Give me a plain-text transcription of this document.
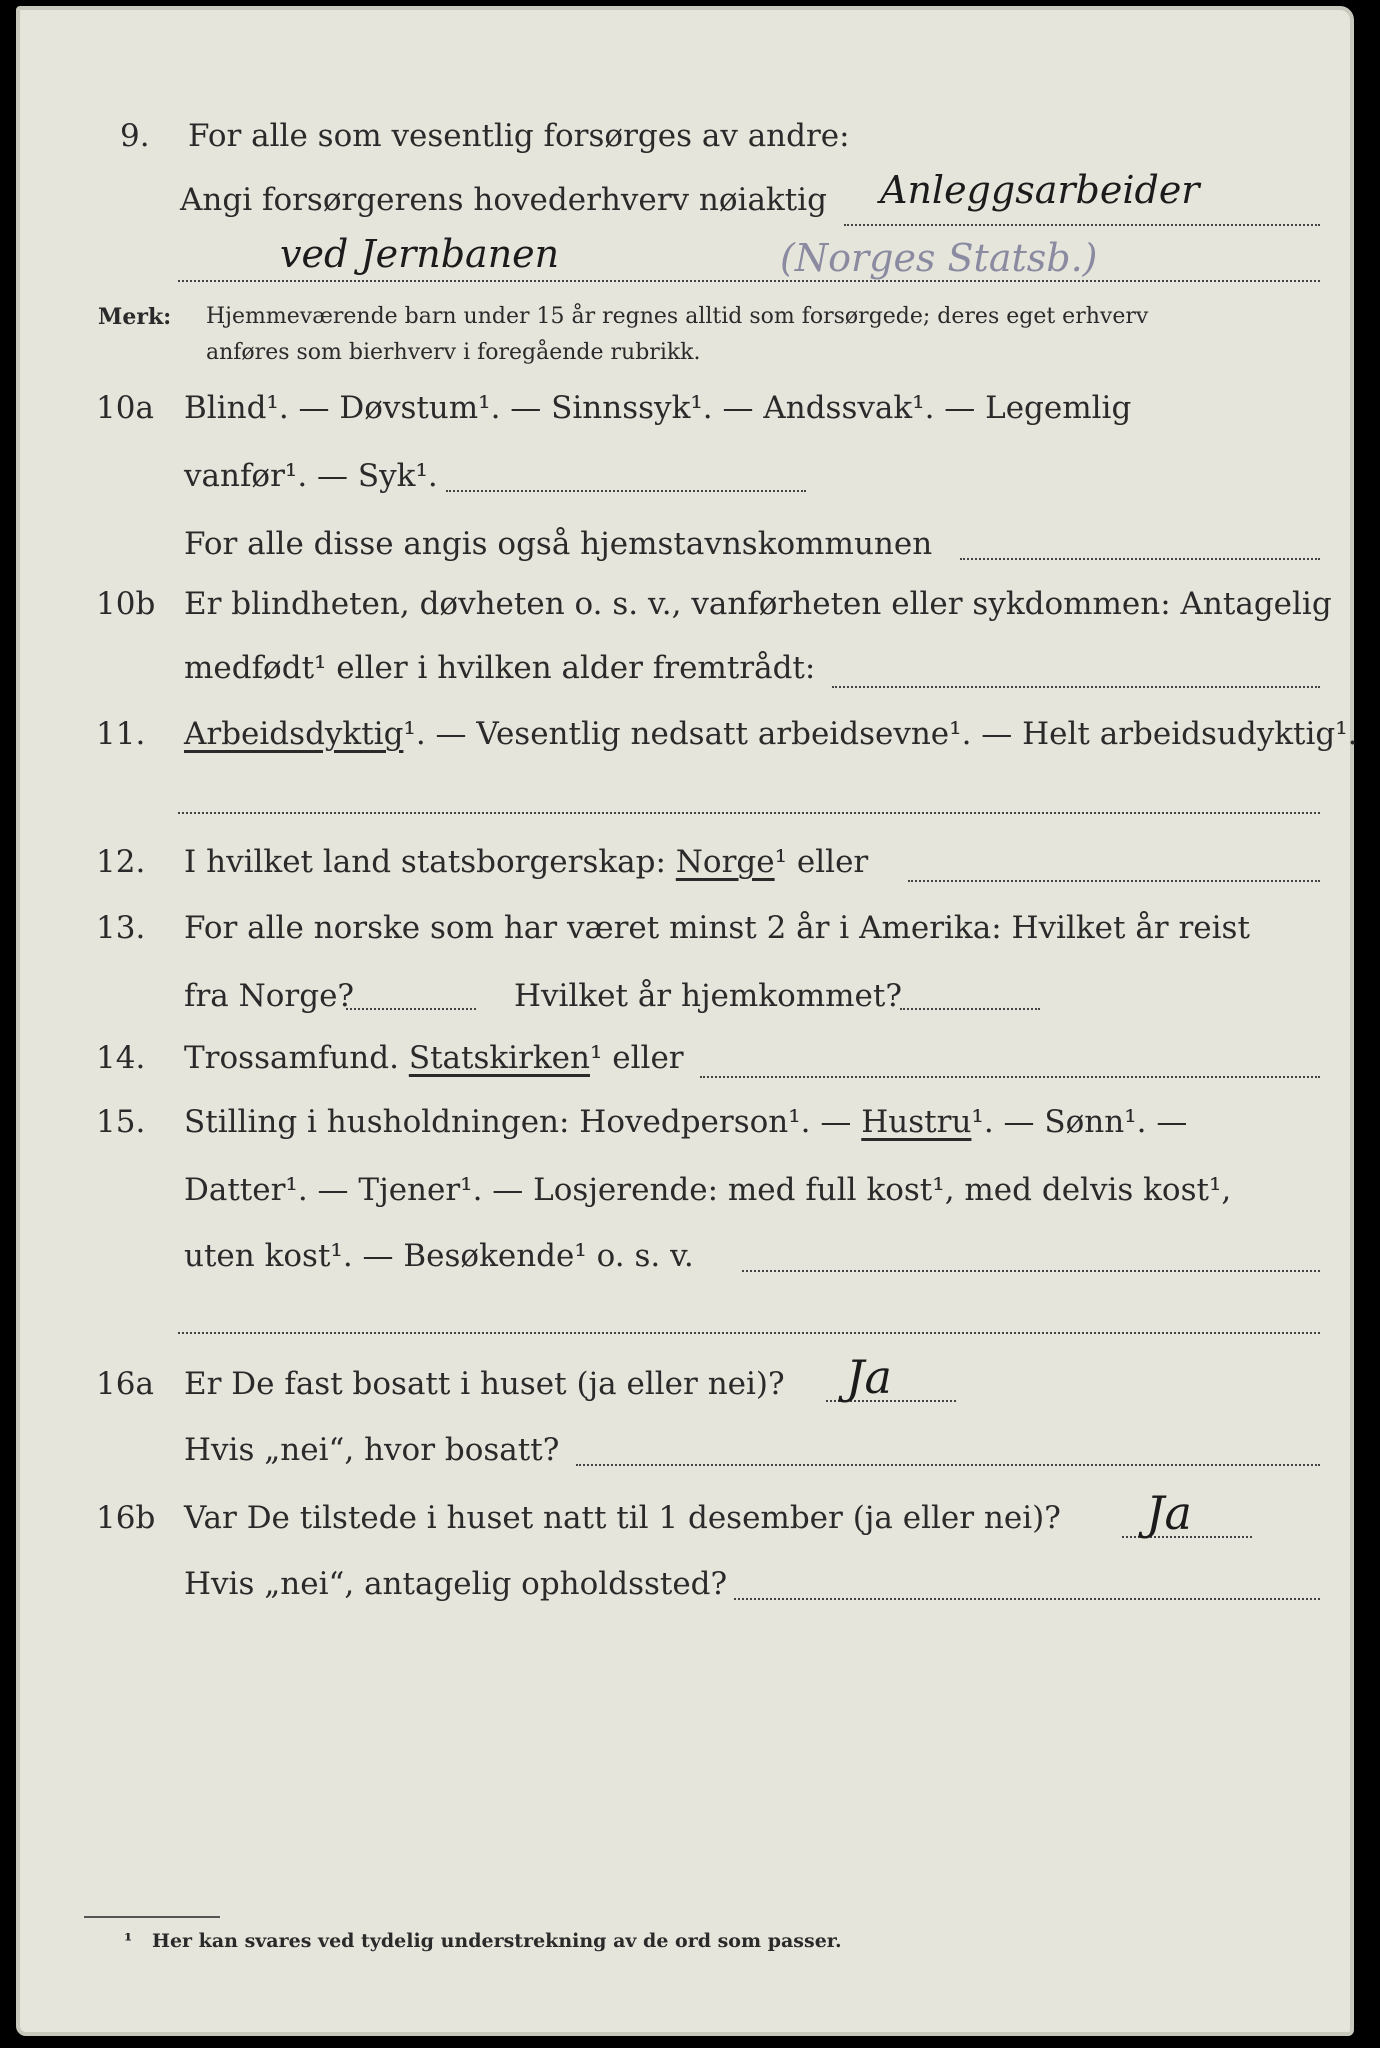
9. For alle som vesentlig forsørges av andre:
Angi forsørgerens hovederhverv nøiaktig Anleggsarbeider
ved Jernbanen	(Norges Statsb.)
Merk: Hjemmeværende barn under 15 år regnes alltid som forsørgede; deres eget erhverv
anføres som bierhverv i foregående rubrikk.
10a Blind¹. — Døvstum¹. — Sinnssyk¹. — Andssvak¹. — Legemlig
vanfør¹. — Syk¹.
For alle disse angis også hjemstavnskommunen
10b Er blindheten, døvheten o. s. v., vanførheten eller sykdommen: Antagelig
medfødt¹ eller i hvilken alder fremtrådt:
11. Arbeidsdyktig¹. — Vesentlig nedsatt arbeidsevne¹. — Helt arbeidsudyktig¹.
12. I hvilket land statsborgerskap: Norge¹ eller
13. For alle norske som har været minst 2 år i Amerika: Hvilket år reist
fra Norge?	Hvilket år hjemkommet?
14. Trossamfund. Statskirken¹ eller
15. Stilling i husholdningen: Hovedperson¹. — Hustru¹. — Sønn¹. —
Datter¹. — Tjener¹. — Losjerende: med full kost¹, med delvis kost¹,
uten kost¹. — Besøkende¹ o. s. v.
16a Er De fast bosatt i huset (ja eller nei)? Ja
Hvis „nei“, hvor bosatt?
16b Var De tilstede i huset natt til 1 desember (ja eller nei)? Ja
Hvis „nei“, antagelig opholdssted?
¹ Her kan svares ved tydelig understrekning av de ord som passer.
